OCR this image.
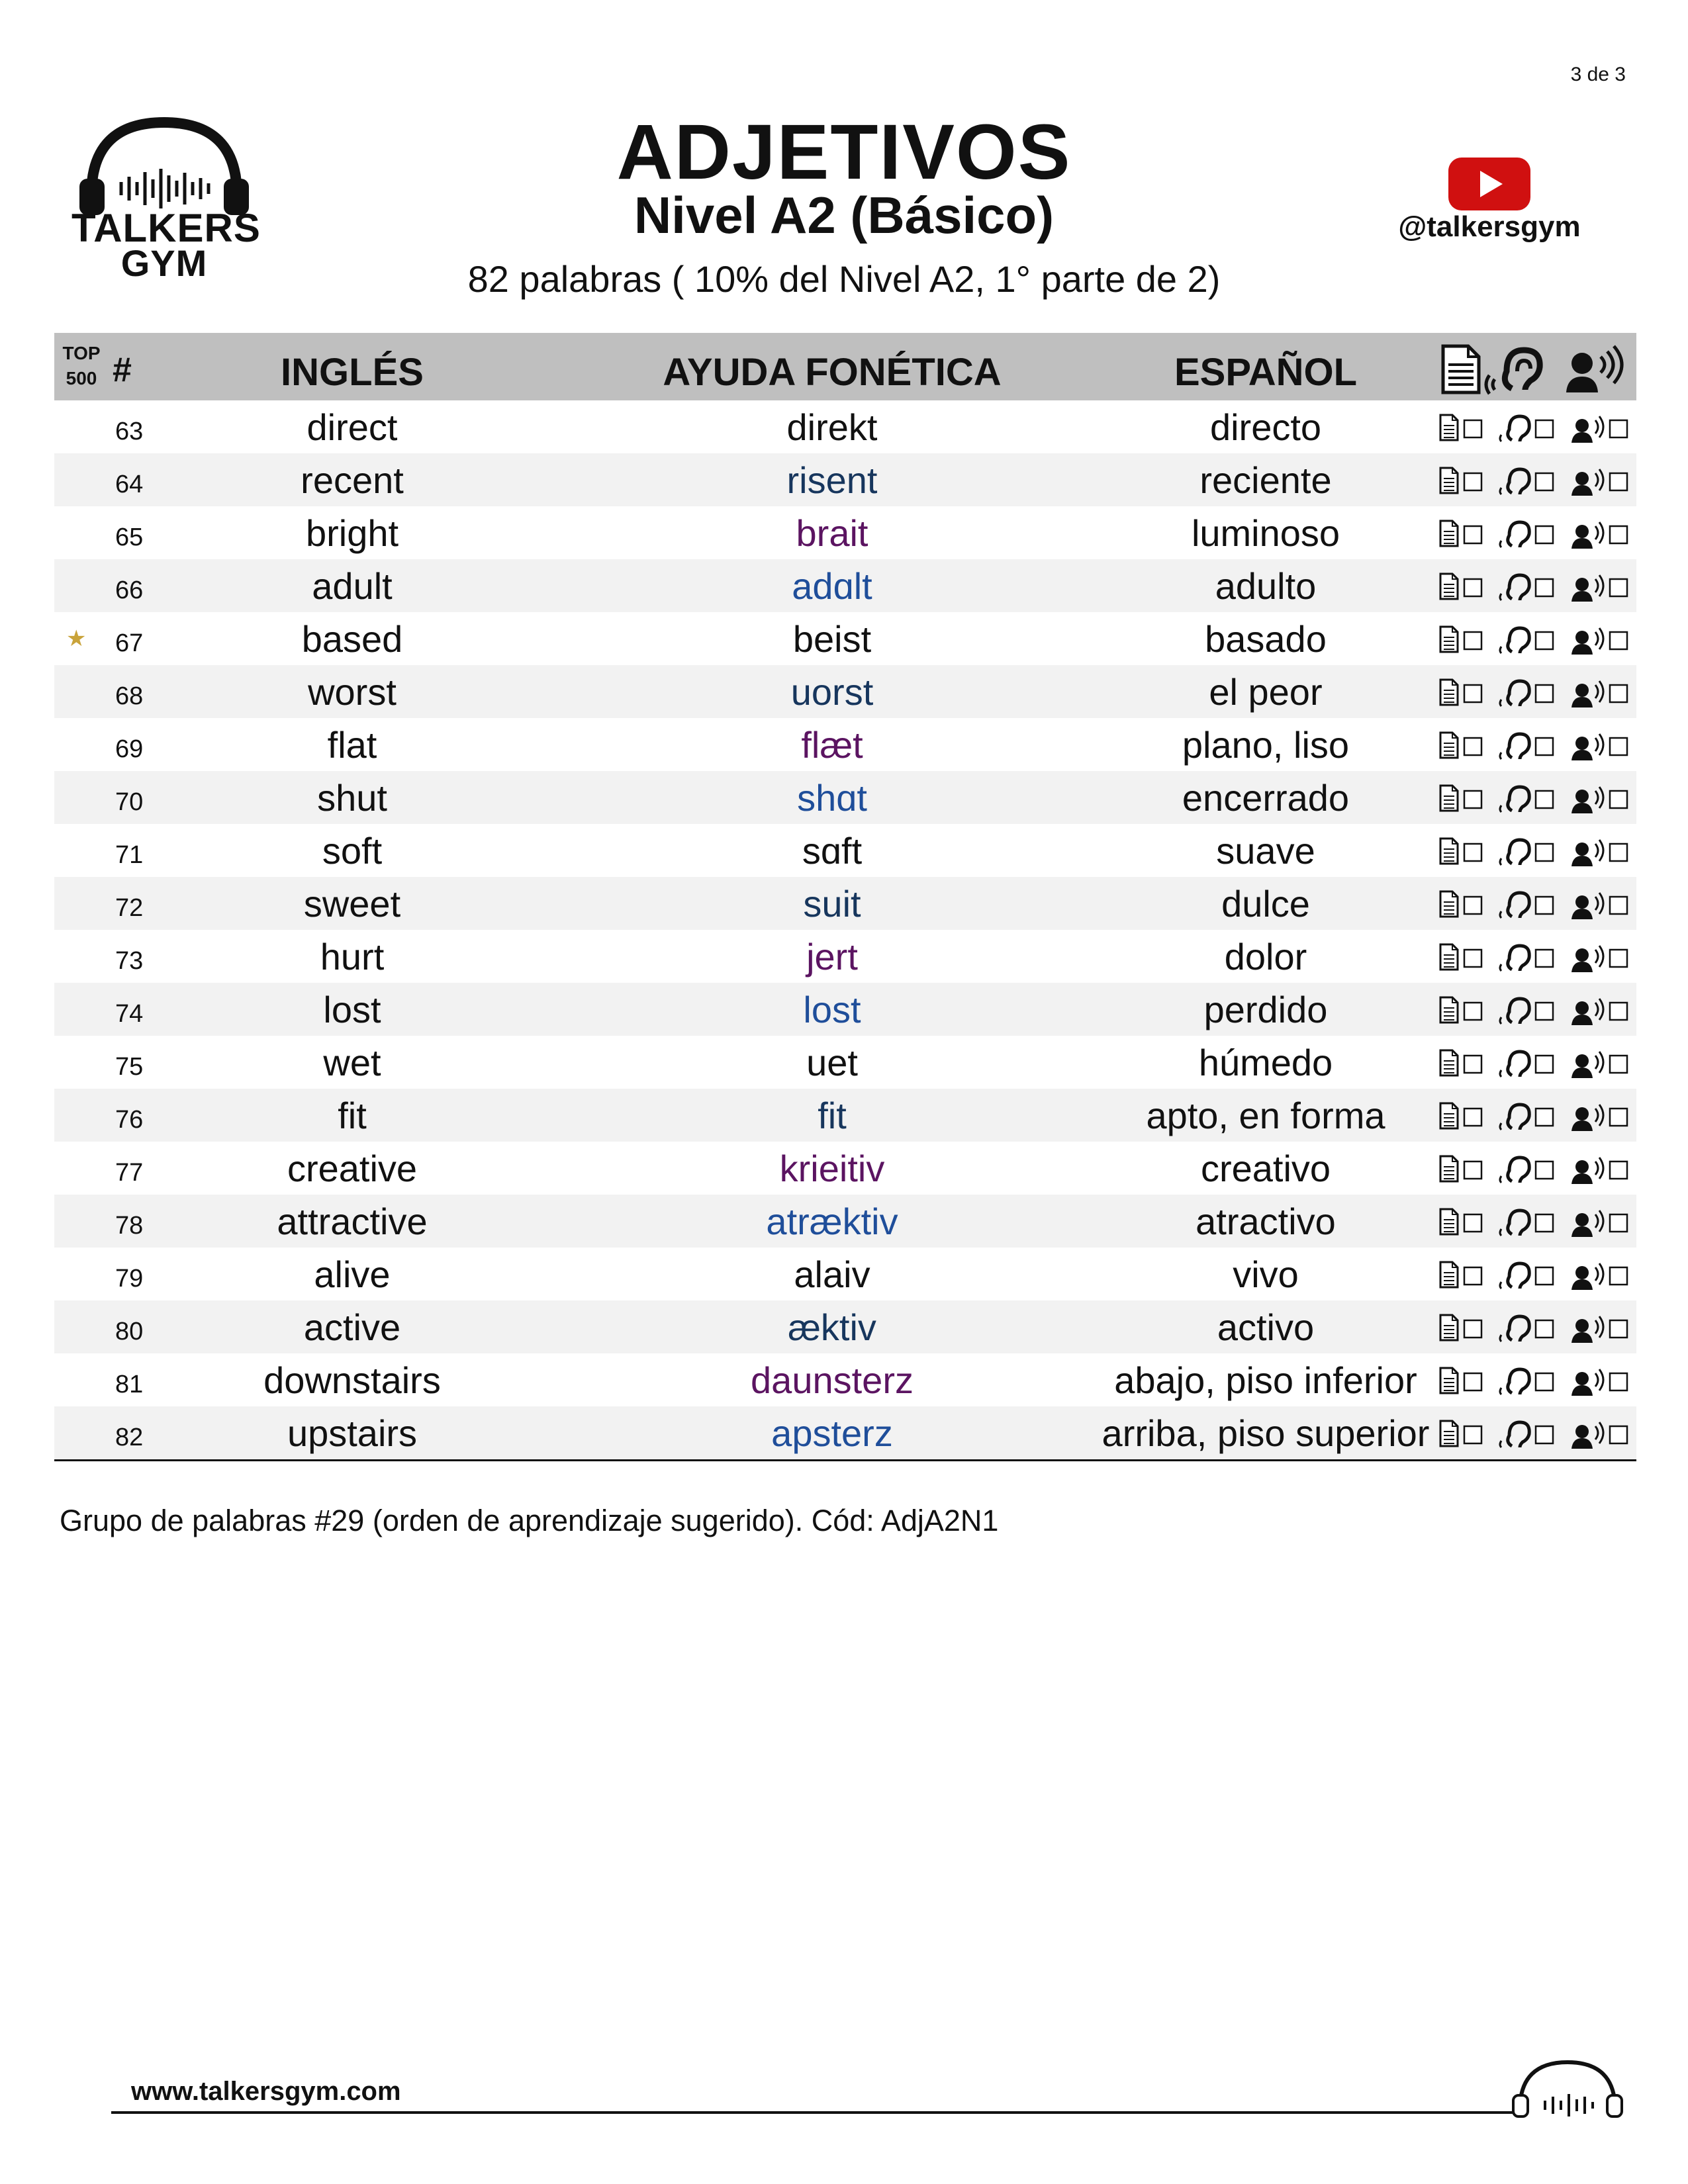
3 de 3
TALKERS
GYM
ADJETIVOS
Nivel A2 (Básico)
82 palabras ( 10% del Nivel A2, 1° parte de 2)
@talkersgym
TOP
500 #	INGLÉS	AYUDA FONÉTICA	ESPAÑOL
63	direct	direkt	directo
64	recent	risent	reciente
65	bright	brait	luminoso
66	adult	adɑlt	adulto
★ 67	based	beist	basado
68	worst	uorst	el peor
69	flat	flæt	plano, liso
70	shut	shɑt	encerrado
71	soft	sɑft	suave
72	sweet	suit	dulce
73	hurt	jert	dolor
74	lost	lost	perdido
75	wet	uet	húmedo
76	fit	fit	apto, en forma
77	creative	krieitiv	creativo
78	attractive	atræktiv	atractivo
79	alive	alaiv	vivo
80	active	æktiv	activo
81	downstairs	daunsterz	abajo, piso inferior
82	upstairs	apsterz	arriba, piso superior
Grupo de palabras #29 (orden de aprendizaje sugerido). Cód: AdjA2N1
www.talkersgym.com
